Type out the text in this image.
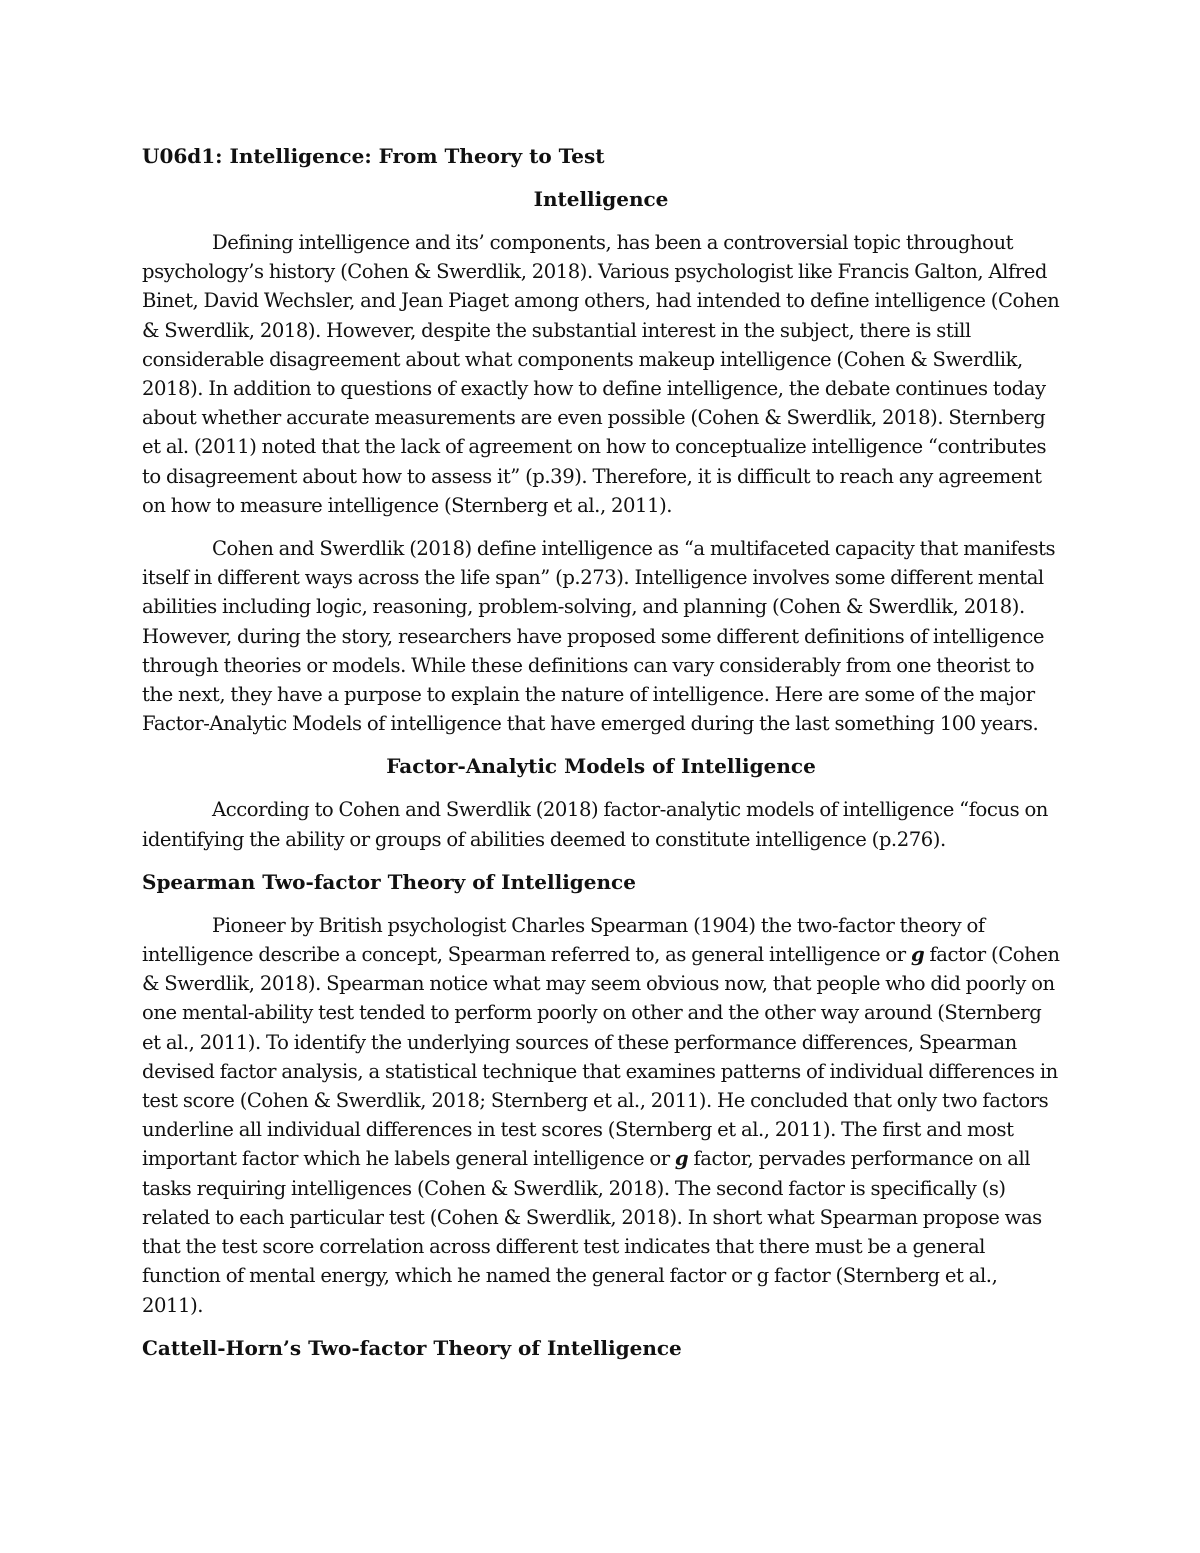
U06d1: Intelligence: From Theory to Test
Intelligence

Defining intelligence and its’ components, has been a controversial topic throughout psychology’s history (Cohen & Swerdlik, 2018). Various psychologist like Francis Galton, Alfred Binet, David Wechsler, and Jean Piaget among others, had intended to define intelligence (Cohen & Swerdlik, 2018). However, despite the substantial interest in the subject, there is still considerable disagreement about what components makeup intelligence (Cohen & Swerdlik, 2018). In addition to questions of exactly how to define intelligence, the debate continues today about whether accurate measurements are even possible (Cohen & Swerdlik, 2018). Sternberg et al. (2011) noted that the lack of agreement on how to conceptualize intelligence “contributes to disagreement about how to assess it” (p.39). Therefore, it is difficult to reach any agreement on how to measure intelligence (Sternberg et al., 2011).

Cohen and Swerdlik (2018) define intelligence as “a multifaceted capacity that manifests itself in different ways across the life span” (p.273). Intelligence involves some different mental abilities including logic, reasoning, problem-solving, and planning (Cohen & Swerdlik, 2018). However, during the story, researchers have proposed some different definitions of intelligence through theories or models. While these definitions can vary considerably from one theorist to the next, they have a purpose to explain the nature of intelligence. Here are some of the major Factor-Analytic Models of intelligence that have emerged during the last something 100 years.

Factor-Analytic Models of Intelligence

According to Cohen and Swerdlik (2018) factor-analytic models of intelligence “focus on identifying the ability or groups of abilities deemed to constitute intelligence (p.276).

Spearman Two-factor Theory of Intelligence

Pioneer by British psychologist Charles Spearman (1904) the two-factor theory of intelligence describe a concept, Spearman referred to, as general intelligence or g factor (Cohen & Swerdlik, 2018). Spearman notice what may seem obvious now, that people who did poorly on one mental-ability test tended to perform poorly on other and the other way around (Sternberg et al., 2011). To identify the underlying sources of these performance differences, Spearman devised factor analysis, a statistical technique that examines patterns of individual differences in test score (Cohen & Swerdlik, 2018; Sternberg et al., 2011). He concluded that only two factors underline all individual differences in test scores (Sternberg et al., 2011). The first and most important factor which he labels general intelligence or g factor, pervades performance on all tasks requiring intelligences (Cohen & Swerdlik, 2018). The second factor is specifically (s) related to each particular test (Cohen & Swerdlik, 2018). In short what Spearman propose was that the test score correlation across different test indicates that there must be a general function of mental energy, which he named the general factor or g factor (Sternberg et al., 2011).

Cattell-Horn’s Two-factor Theory of Intelligence
